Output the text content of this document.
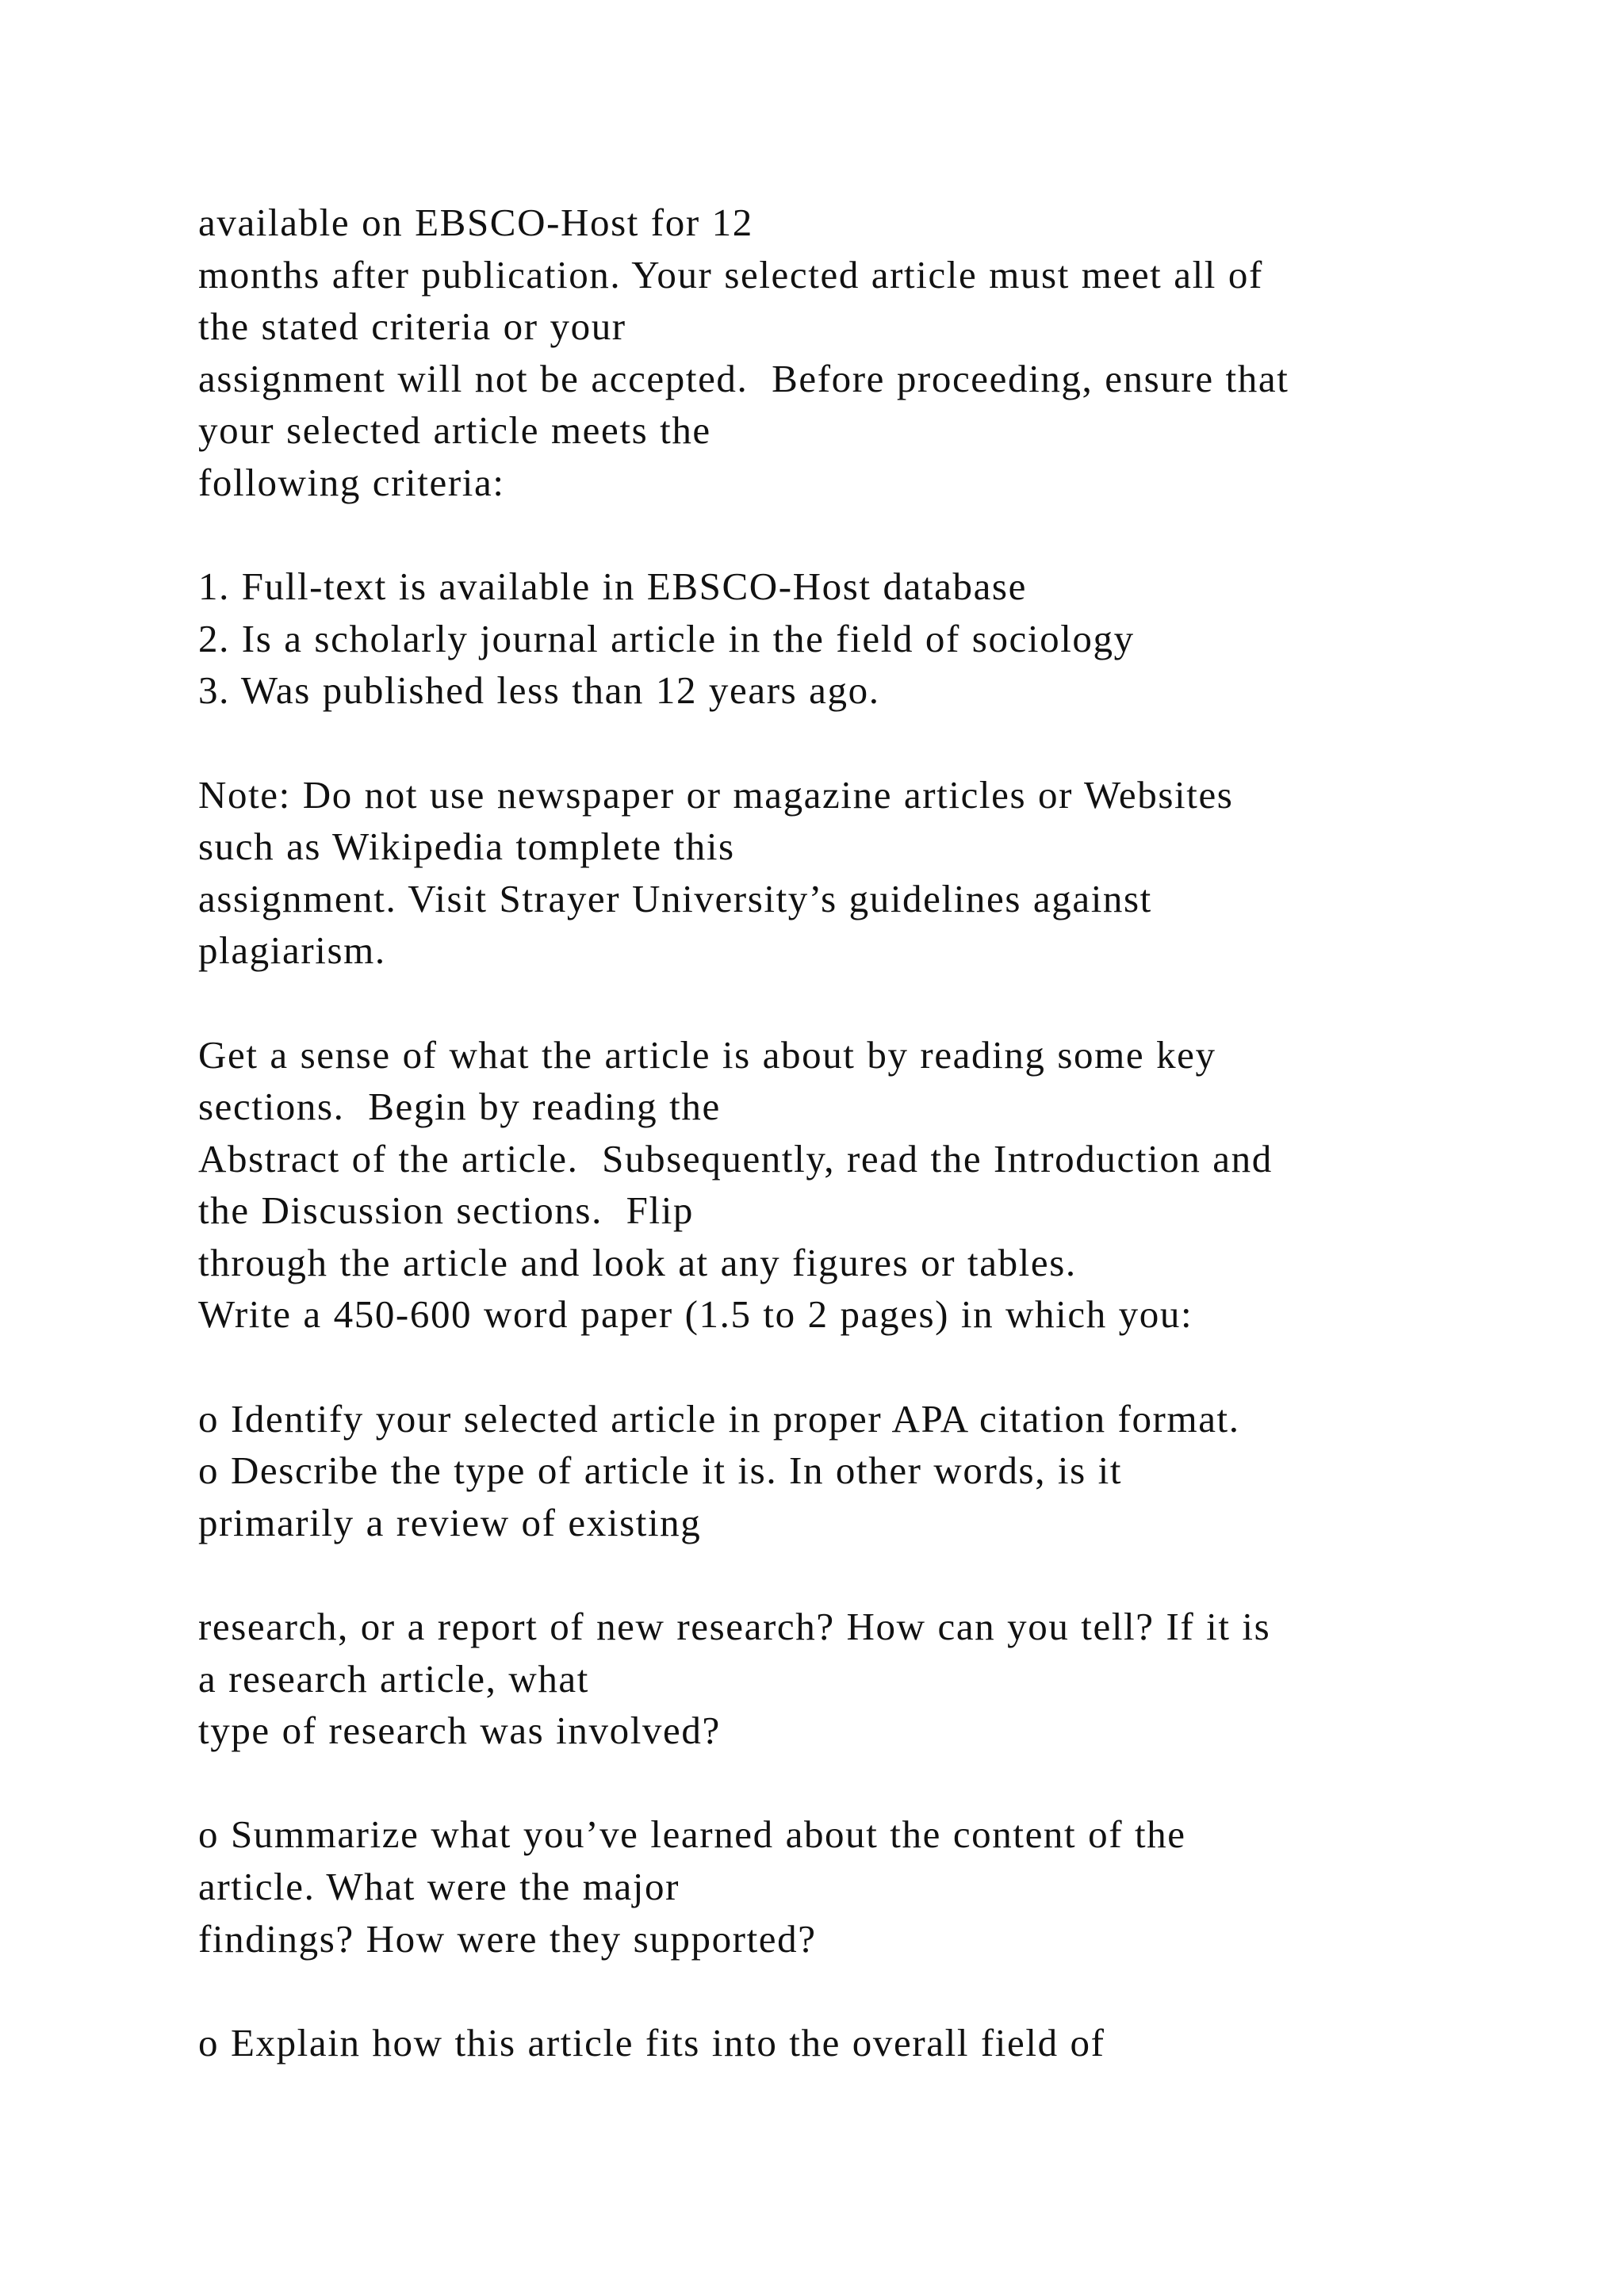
available on EBSCO-Host for 12
months after publication. Your selected article must meet all of
the stated criteria or your
assignment will not be accepted.  Before proceeding, ensure that
your selected article meets the
following criteria:
1. Full-text is available in EBSCO-Host database
2. Is a scholarly journal article in the field of sociology
3. Was published less than 12 years ago.
Note: Do not use newspaper or magazine articles or Websites
such as Wikipedia tomplete this
assignment. Visit Strayer University’s guidelines against
plagiarism.
Get a sense of what the article is about by reading some key
sections.  Begin by reading the
Abstract of the article.  Subsequently, read the Introduction and
the Discussion sections.  Flip
through the article and look at any figures or tables.
Write a 450-600 word paper (1.5 to 2 pages) in which you:
o Identify your selected article in proper APA citation format.
o Describe the type of article it is. In other words, is it
primarily a review of existing
research, or a report of new research? How can you tell? If it is
a research article, what
type of research was involved?
o Summarize what you’ve learned about the content of the
article. What were the major
findings? How were they supported?
o Explain how this article fits into the overall field of
